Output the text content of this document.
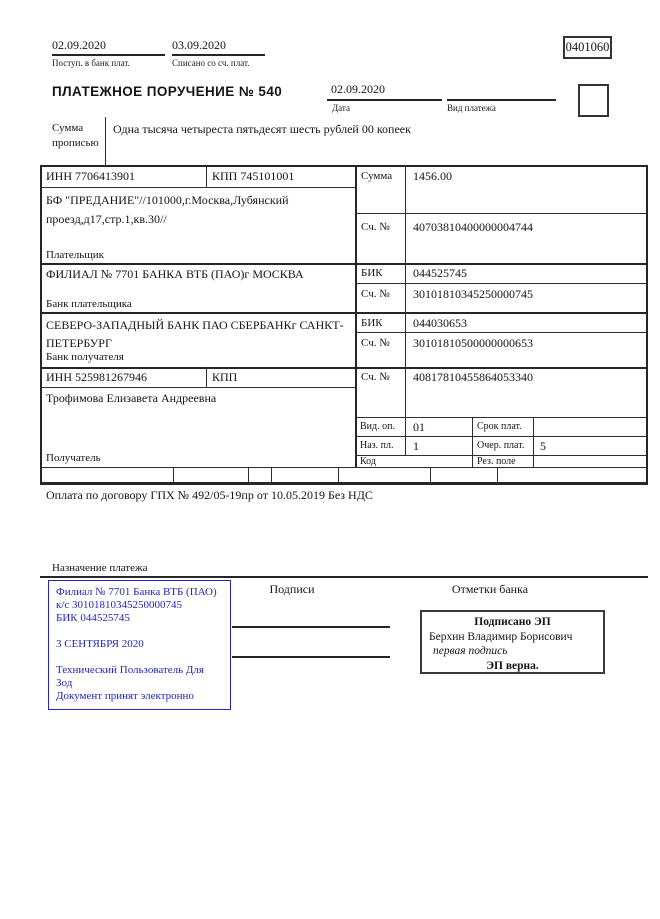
02.09.2020
Поступ. в банк плат.
03.09.2020
Списано со сч. плат.
0401060
ПЛАТЕЖНОЕ ПОРУЧЕНИЕ № 540	02.09.2020
Дата	Вид платежа
Сумма прописью
Одна тысяча четыреста пятьдесят шесть рублей 00 копеек
ИНН 7706413901	КПП 745101001	Сумма 1456.00
БФ "ПРЕДАНИЕ"//101000,г.Москва,Лубянский проезд,д17,стр.1,кв.30//
Плательщик
Сч. № 40703810400000004744
ФИЛИАЛ № 7701 БАНКА ВТБ (ПАО)г МОСКВА	БИК	044525745
Сч. № 30101810345250000745
Банк плательщика
СЕВЕРО-ЗАПАДНЫЙ БАНК ПАО СБЕРБАНКг САНКТ-ПЕТЕРБУРГ
БИК	044030653
Сч. № 30101810500000000653
Банк получателя
ИНН 525981267946	КПП	Сч. № 40817810455864053340
Трофимова Елизавета Андреевна
Получатель
Вид. оп. 01	Срок плат.
Наз. пл. 1	Очер. плат. 5
Код	Рез. поле
Оплата по договору ГПХ № 492/05-19пр от 10.05.2019 Без НДС
Назначение платежа
Филиал № 7701 Банка ВТБ (ПАО)
к/с 30101810345250000745
БИК 044525745
3 СЕНТЯБРЯ 2020
Технический Пользователь Для Зод
Документ принят электронно
Подписи	Отметки банка
Подписано ЭП
Берхин Владимир Борисович
первая подпись
ЭП верна.
